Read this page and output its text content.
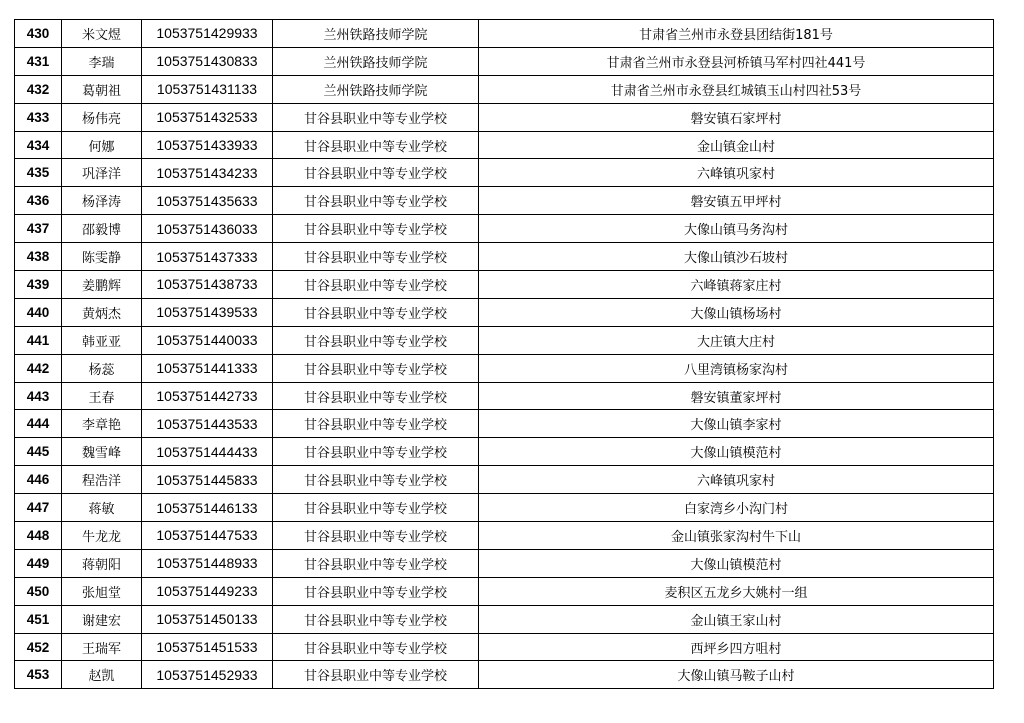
430	米文煜	1053751429933	兰州铁路技师学院	甘肃省兰州市永登县团结街181号
431	李瑞	1053751430833	兰州铁路技师学院	甘肃省兰州市永登县河桥镇马军村四社441号
432	葛朝祖	1053751431133	兰州铁路技师学院	甘肃省兰州市永登县红城镇玉山村四社53号
433	杨伟亮	1053751432533	甘谷县职业中等专业学校	磐安镇石家坪村
434	何娜	1053751433933	甘谷县职业中等专业学校	金山镇金山村
435	巩泽洋	1053751434233	甘谷县职业中等专业学校	六峰镇巩家村
436	杨泽涛	1053751435633	甘谷县职业中等专业学校	磐安镇五甲坪村
437	邵毅博	1053751436033	甘谷县职业中等专业学校	大像山镇马务沟村
438	陈雯静	1053751437333	甘谷县职业中等专业学校	大像山镇沙石坡村
439	姜鹏辉	1053751438733	甘谷县职业中等专业学校	六峰镇蒋家庄村
440	黄炳杰	1053751439533	甘谷县职业中等专业学校	大像山镇杨场村
441	韩亚亚	1053751440033	甘谷县职业中等专业学校	大庄镇大庄村
442	杨蕊	1053751441333	甘谷县职业中等专业学校	八里湾镇杨家沟村
443	王春	1053751442733	甘谷县职业中等专业学校	磐安镇董家坪村
444	李章艳	1053751443533	甘谷县职业中等专业学校	大像山镇李家村
445	魏雪峰	1053751444433	甘谷县职业中等专业学校	大像山镇模范村
446	程浩洋	1053751445833	甘谷县职业中等专业学校	六峰镇巩家村
447	蒋敏	1053751446133	甘谷县职业中等专业学校	白家湾乡小沟门村
448	牛龙龙	1053751447533	甘谷县职业中等专业学校	金山镇张家沟村牛下山
449	蒋朝阳	1053751448933	甘谷县职业中等专业学校	大像山镇模范村
450	张旭堂	1053751449233	甘谷县职业中等专业学校	麦积区五龙乡大姚村一组
451	谢建宏	1053751450133	甘谷县职业中等专业学校	金山镇王家山村
452	王瑞军	1053751451533	甘谷县职业中等专业学校	西坪乡四方咀村
453	赵凯	1053751452933	甘谷县职业中等专业学校	大像山镇马鞍子山村
